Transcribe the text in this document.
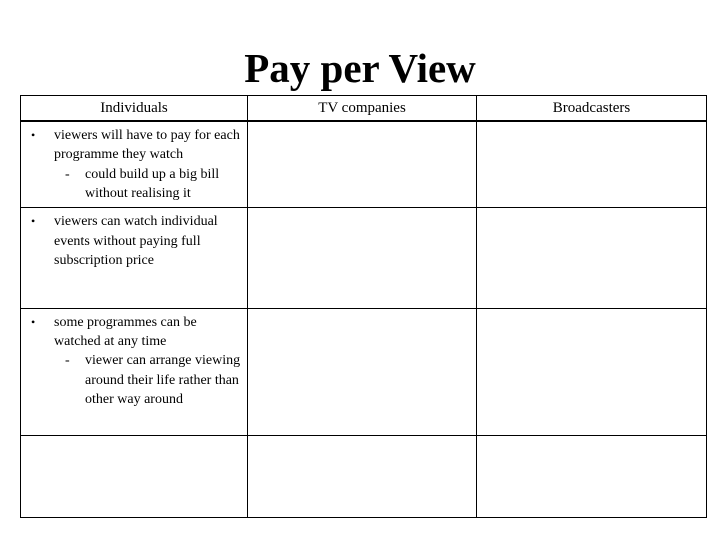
Pay per View
Individuals	TV companies	Broadcasters

• viewers will have to pay for each programme they watch
- could build up a big bill without realising it		

• viewers can watch individual events without paying full subscription price		

• some programmes can be watched at any time
- viewer can arrange viewing around their life rather than other way around		
